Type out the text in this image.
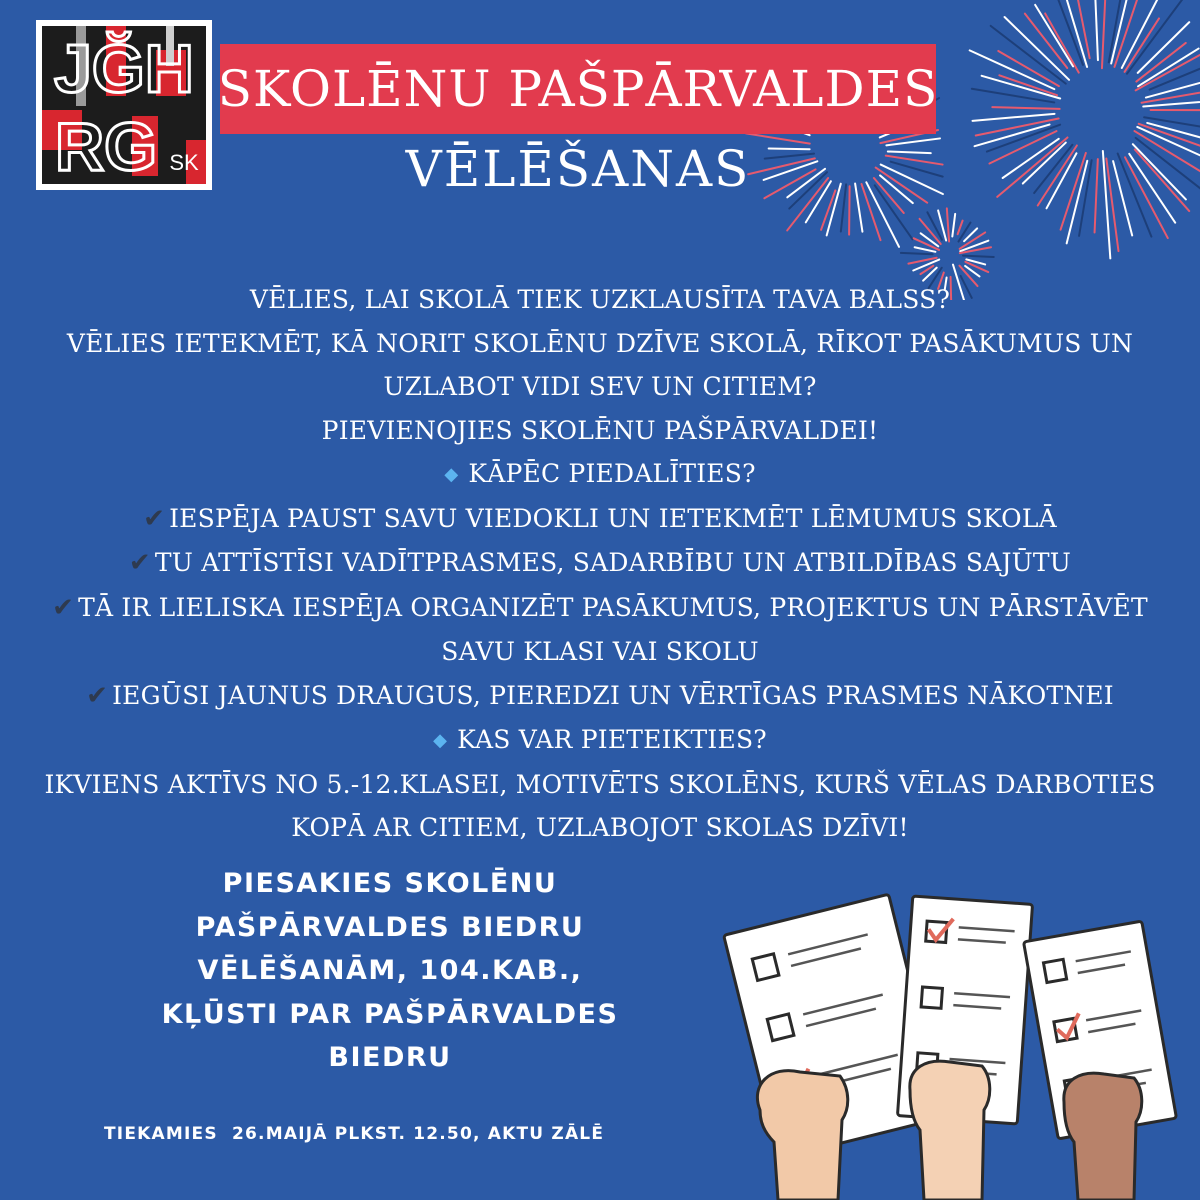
JĞH
RG SK
SKOLĒNU PAŠPĀRVALDES
VĒLĒŠANAS
VĒLIES, LAI SKOLĀ TIEK UZKLAUSĪTA TAVA BALSS?
VĒLIES IETEKMĒT, KĀ NORIT SKOLĒNU DZĪVE SKOLĀ, RĪKOT PASĀKUMUS UN
UZLABOT VIDI SEV UN CITIEM?
PIEVIENOJIES SKOLĒNU PAŠPĀRVALDEI!
◆ KĀPĒC PIEDALĪTIES?
✔ IESPĒJA PAUST SAVU VIEDOKLI UN IETEKMĒT LĒMUMUS SKOLĀ
✔ TU ATTĪSTĪSI VADĪTPRASMES, SADARBĪBU UN ATBILDĪBAS SAJŪTU
✔ TĀ IR LIELISKA IESPĒJA ORGANIZĒT PASĀKUMUS, PROJEKTUS UN PĀRSTĀVĒT
SAVU KLASI VAI SKOLU
✔ IEGŪSI JAUNUS DRAUGUS, PIEREDZI UN VĒRTĪGAS PRASMES NĀKOTNEI
◆ KAS VAR PIETEIKTIES?
IKVIENS AKTĪVS NO 5.-12.KLASEI, MOTIVĒTS SKOLĒNS, KURŠ VĒLAS DARBOTIES
KOPĀ AR CITIEM, UZLABOJOT SKOLAS DZĪVI!
PIESAKIES SKOLĒNU
PAŠPĀRVALDES BIEDRU
VĒLĒŠANĀM, 104.KAB.,
KĻŪSTI PAR PAŠPĀRVALDES
BIEDRU
TIEKAMIES  26.MAIJĀ PLKST. 12.50, AKTU ZĀLĒ
